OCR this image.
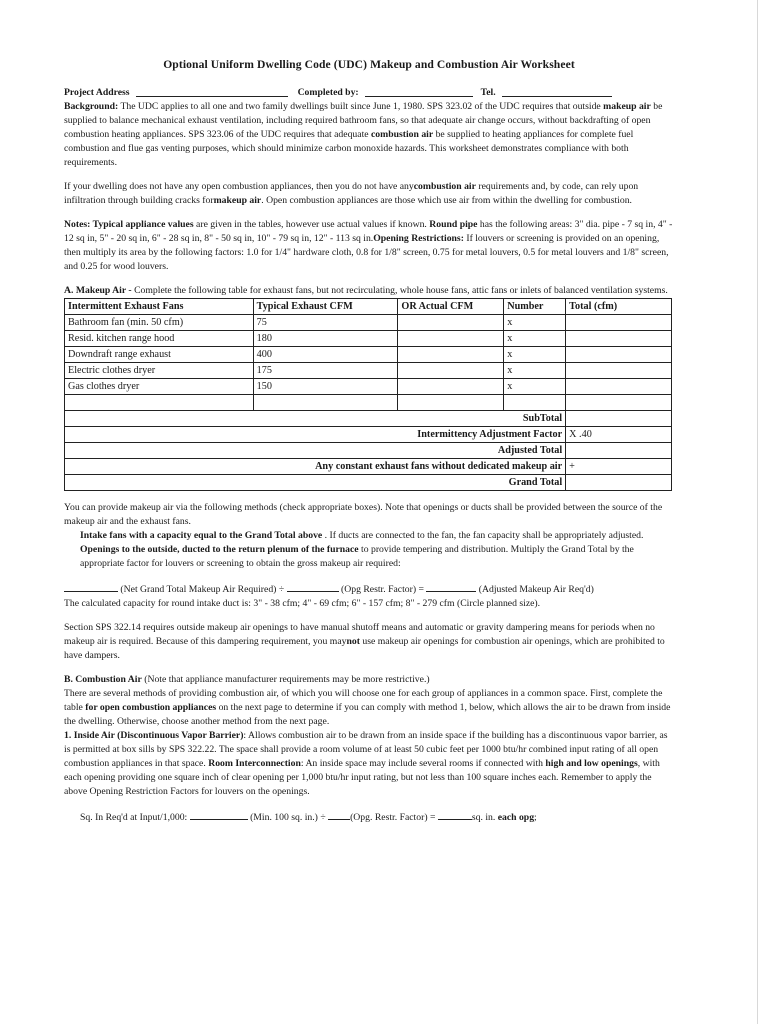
Optional Uniform Dwelling Code (UDC) Makeup and Combustion Air Worksheet
Project Address	Completed by:	Tel.

Background: The UDC applies to all one and two family dwellings built since June 1, 1980. SPS 323.02 of the UDC requires that outside makeup air be supplied to balance mechanical exhaust ventilation, including required bathroom fans, so that adequate air change occurs, without backdrafting of open combustion heating appliances. SPS 323.06 of the UDC requires that adequate combustion air be supplied to heating appliances for complete fuel combustion and flue gas venting purposes, which should minimize carbon monoxide hazards. This worksheet demonstrates compliance with both requirements.

If your dwelling does not have any open combustion appliances, then you do not have anycombustion air requirements and, by code, can rely upon infiltration through building cracks formakeup air. Open combustion appliances are those which use air from within the dwelling for combustion.

Notes: Typical appliance values are given in the tables, however use actual values if known. Round pipe has the following areas: 3" dia. pipe - 7 sq in, 4" - 12 sq in, 5" - 20 sq in, 6" - 28 sq in, 8" - 50 sq in, 10" - 79 sq in, 12" - 113 sq in.Opening Restrictions: If louvers or screening is provided on an opening, then multiply its area by the following factors: 1.0 for 1/4" hardware cloth, 0.8 for 1/8" screen, 0.75 for metal louvers, 0.5 for metal louvers and 1/8" screen, and 0.25 for wood louvers.

A. Makeup Air - Complete the following table for exhaust fans, but not recirculating, whole house fans, attic fans or inlets of balanced ventilation systems.

Intermittent Exhaust Fans	Typical Exhaust CFM	OR Actual CFM	Number	Total (cfm)
Bathroom fan (min. 50 cfm)	75		x	
Resid. kitchen range hood	180		x	
Downdraft range exhaust	400		x	
Electric clothes dryer	175		x	
Gas clothes dryer	150		x	

SubTotal				
Intermittency Adjustment Factor				X .40
Adjusted Total				
Any constant exhaust fans without dedicated makeup air				+
Grand Total				

You can provide makeup air via the following methods (check appropriate boxes). Note that openings or ducts shall be provided between the source of the makeup air and the exhaust fans.

Intake fans with a capacity equal to the Grand Total above . If ducts are connected to the fan, the fan capacity shall be appropriately adjusted.

Openings to the outside, ducted to the return plenum of the furnace to provide tempering and distribution. Multiply the Grand Total by the appropriate factor for louvers or screening to obtain the gross makeup air required:

(Net Grand Total Makeup Air Required) ÷	(Opg Restr. Factor) =	(Adjusted Makeup Air Req'd)

The calculated capacity for round intake duct is: 3" - 38 cfm; 4" - 69 cfm; 6" - 157 cfm; 8" - 279 cfm (Circle planned size).

Section SPS 322.14 requires outside makeup air openings to have manual shutoff means and automatic or gravity dampering means for periods when no makeup air is required. Because of this dampering requirement, you maynot use makeup air openings for combustion air openings, which are prohibited to have dampers.

B. Combustion Air (Note that appliance manufacturer requirements may be more restrictive.)

There are several methods of providing combustion air, of which you will choose one for each group of appliances in a common space. First, complete the table for open combustion appliances on the next page to determine if you can comply with method 1, below, which allows the air to be drawn from inside the dwelling. Otherwise, choose another method from the next page.

1. Inside Air (Discontinuous Vapor Barrier): Allows combustion air to be drawn from an inside space if the building has a discontinuous vapor barrier, as is permitted at box sills by SPS 322.22. The space shall provide a room volume of at least 50 cubic feet per 1000 btu/hr combined input rating of all open combustion appliances in that space. Room Interconnection: An inside space may include several rooms if connected with high and low openings, with each opening providing one square inch of clear opening per 1,000 btu/hr input rating, but not less than 100 square inches each. Remember to apply the above Opening Restriction Factors for louvers on the openings.

Sq. In Req'd at Input/1,000:	(Min. 100 sq. in.) ÷	(Opg. Restr. Factor) =	sq. in. each opg;
